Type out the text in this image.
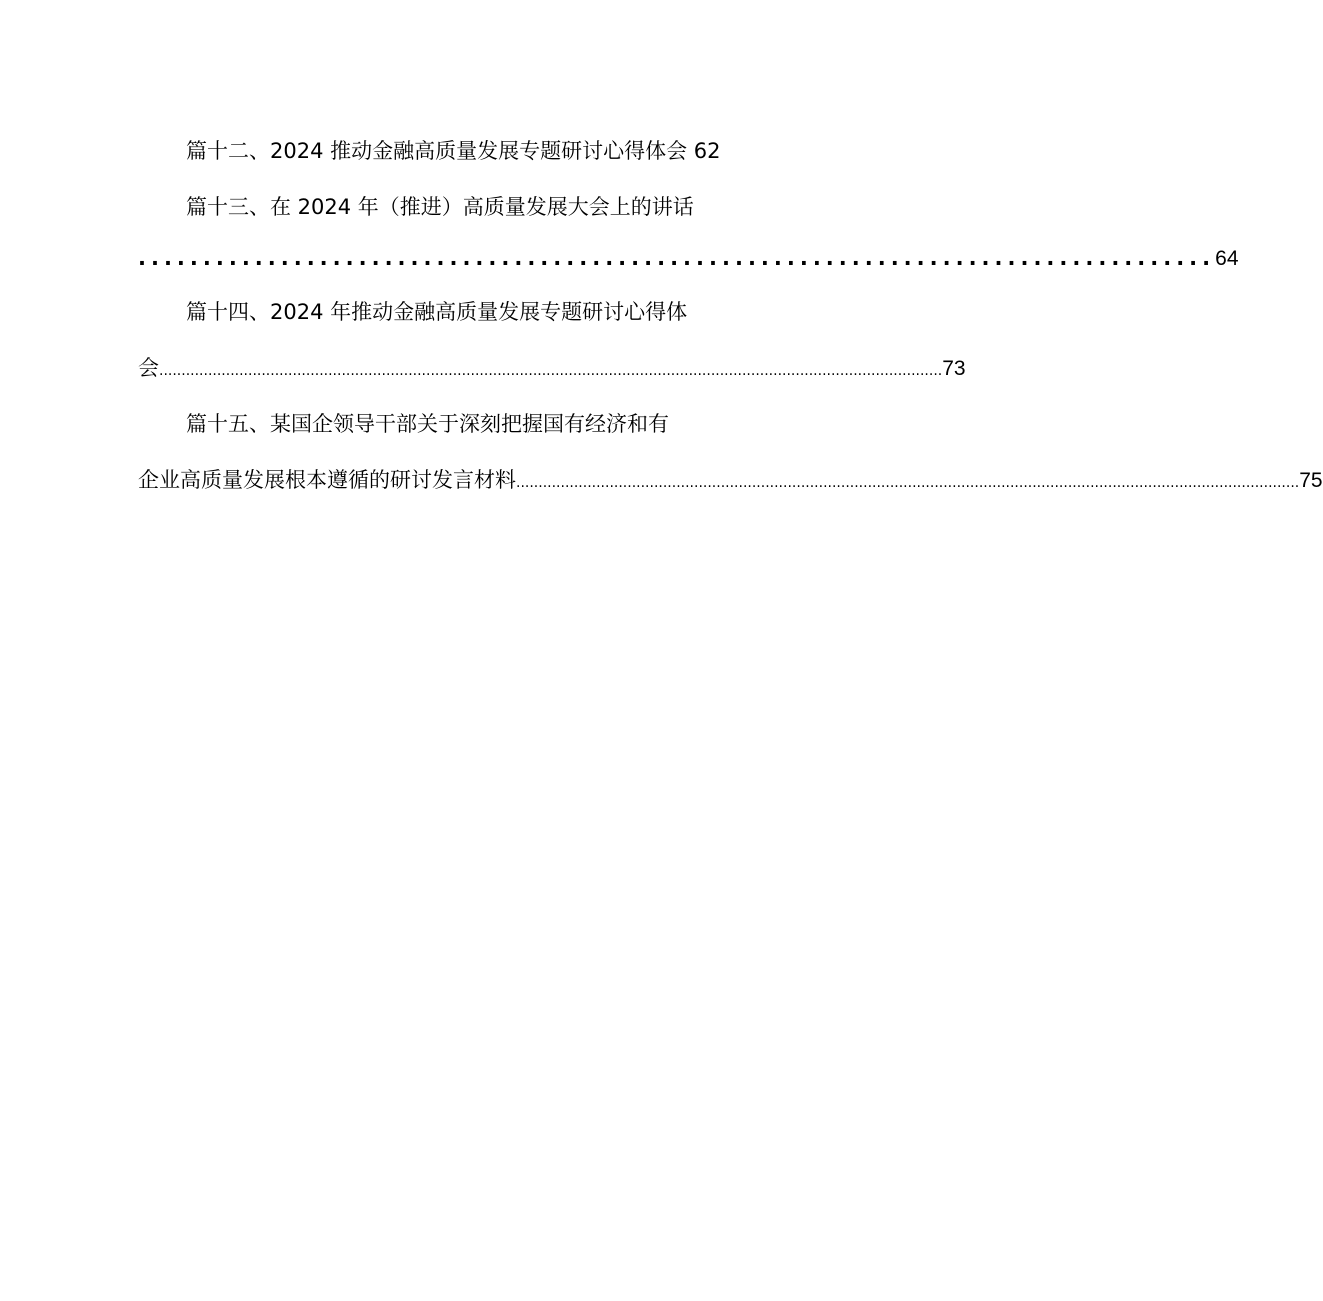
篇十二、2024 推动金融高质量发展专题研讨心得体会 62
篇十三、在 2024 年（推进）高质量发展大会上的讲话
................................................................................... 64
篇十四、2024 年推动金融高质量发展专题研讨心得体
会 ................................................................................................................................................................................ 73
篇十五、某国企领导干部关于深刻把握国有经济和有
企业高质量发展根本遵循的研讨发言材料 ................................................................................................................................................................................ 75
